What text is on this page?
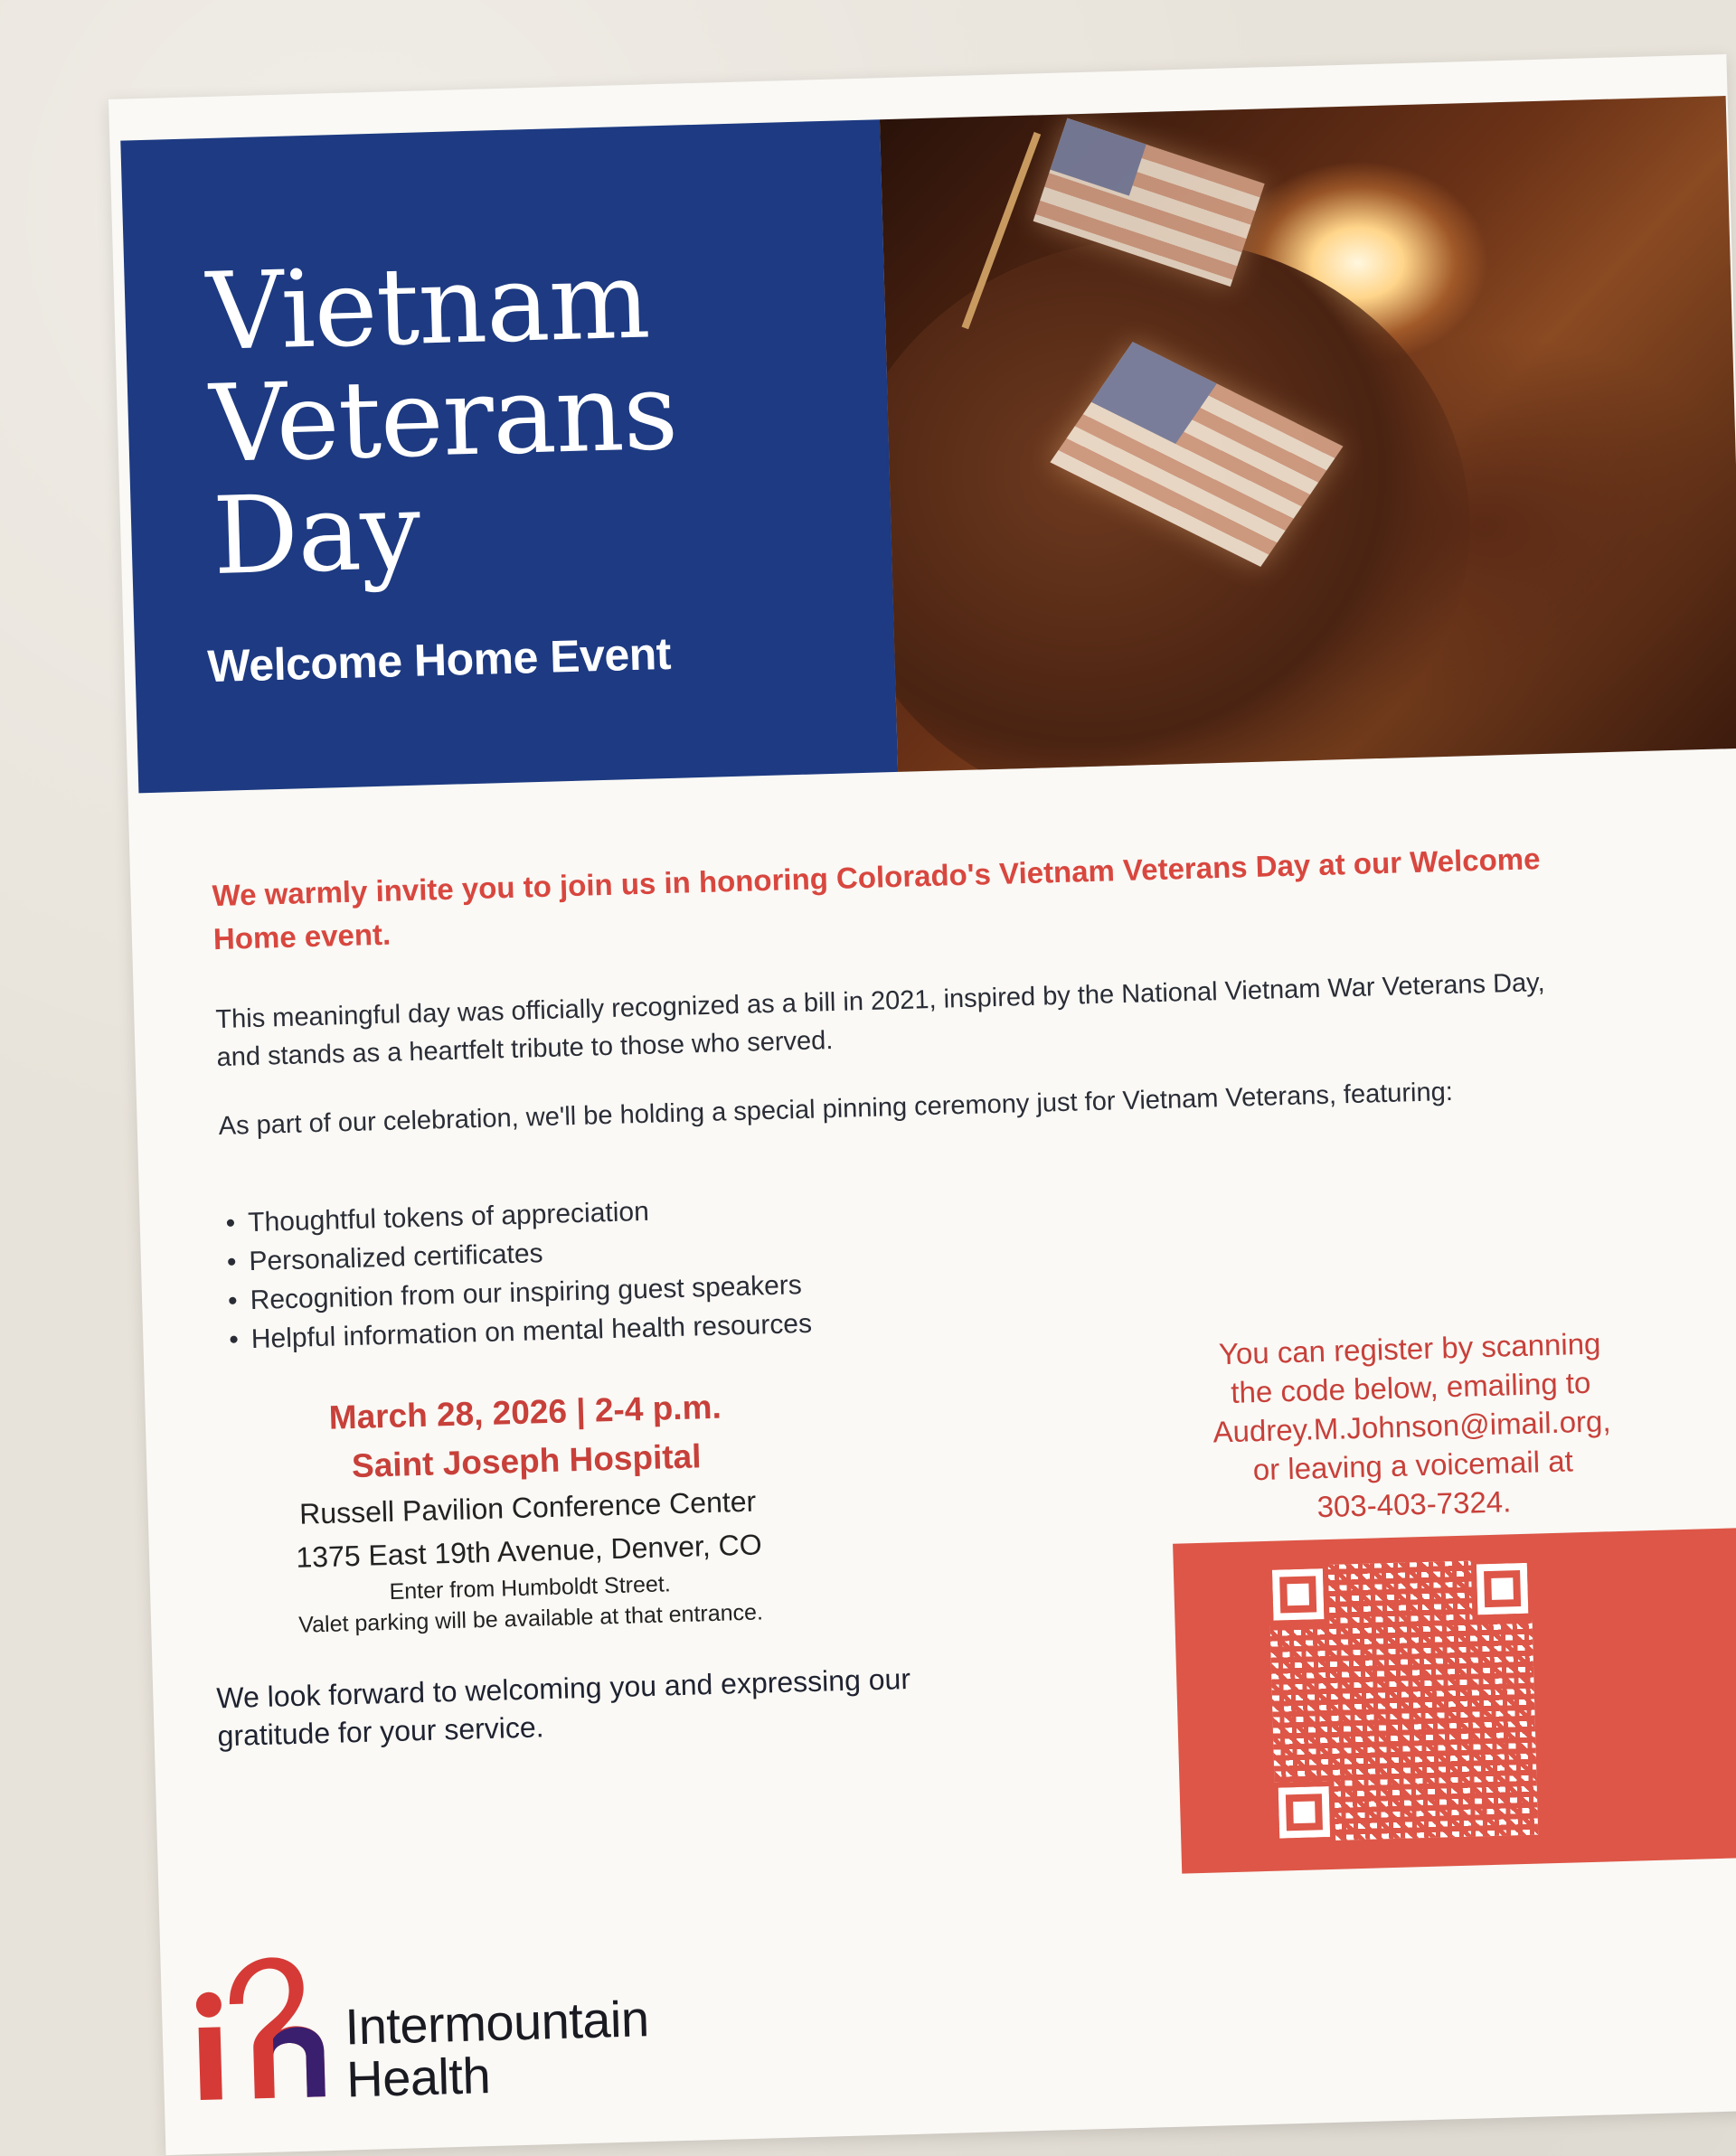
Vietnam
Veterans
Day
Welcome Home Event

We warmly invite you to join us in honoring Colorado's Vietnam Veterans Day at our Welcome Home event.

This meaningful day was officially recognized as a bill in 2021, inspired by the National Vietnam War Veterans Day, and stands as a heartfelt tribute to those who served.

As part of our celebration, we'll be holding a special pinning ceremony just for Vietnam Veterans, featuring:

• Thoughtful tokens of appreciation
• Personalized certificates
• Recognition from our inspiring guest speakers
• Helpful information on mental health resources

March 28, 2026 | 2-4 p.m.

Saint Joseph Hospital

Russell Pavilion Conference Center

1375 East 19th Avenue, Denver, CO

Enter from Humboldt Street.

Valet parking will be available at that entrance.

We look forward to welcoming you and expressing our gratitude for your service.

You can register by scanning
the code below, emailing to
Audrey.M.Johnson@imail.org,
or leaving a voicemail at
303-403-7324.

Intermountain
Health
